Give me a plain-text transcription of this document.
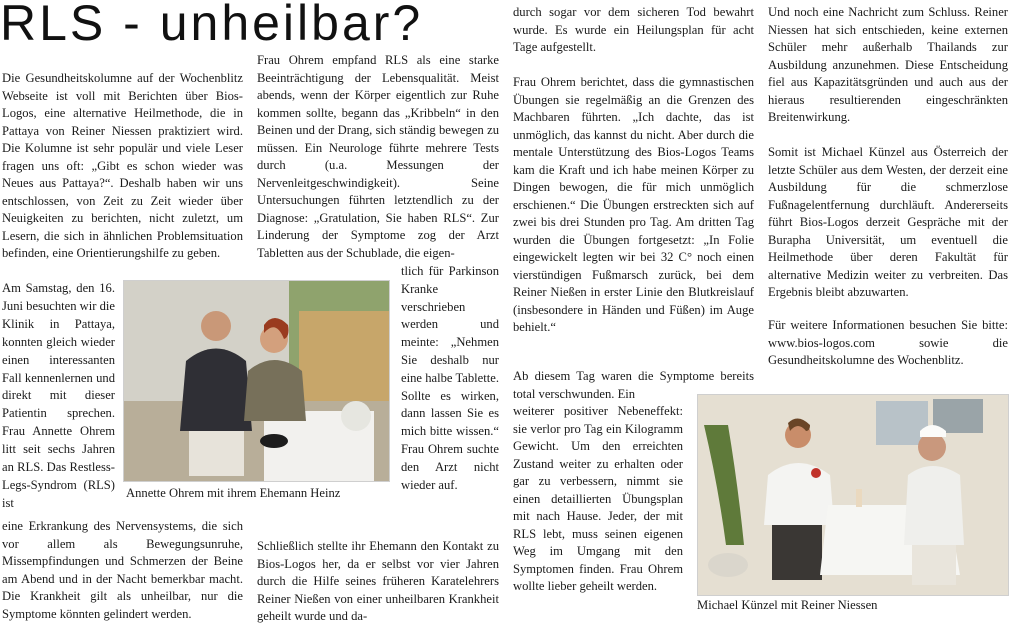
RLS - unheilbar?

Die Gesundheitskolumne auf der Wochenblitz Webseite ist voll mit Berichten über Bios-Logos, eine alternative Heilmethode, die in Pattaya von Reiner Niessen praktiziert wird. Die Kolumne ist sehr populär und viele Leser fragen uns oft: „Gibt es schon wieder was Neues aus Pattaya?“. Deshalb haben wir uns entschlossen, von Zeit zu Zeit wieder über Neuigkeiten zu berichten, nicht zuletzt, um Lesern, die sich in ähnlichen Problemsituation befinden, eine Orientierungshilfe zu geben.

Am Samstag, den 16. Juni besuchten wir die Klinik in Pattaya, konnten gleich wieder einen interessanten Fall kennenlernen und direkt mit dieser Patientin sprechen. Frau Annette Ohrem litt seit sechs Jahren an RLS. Das Restless-Legs-Syndrom (RLS) ist

eine Erkrankung des Nervensystems, die sich vor allem als Bewegungsunruhe, Missempfindungen und Schmerzen der Beine am Abend und in der Nacht bemerkbar macht. Die Krankheit gilt als unheilbar, nur die Symptome könnten gelindert werden.

Annette Ohrem mit ihrem Ehemann Heinz

Frau Ohrem empfand RLS als eine starke Beeinträchtigung der Lebensqualität. Meist abends, wenn der Körper eigentlich zur Ruhe kommen sollte, begann das „Kribbeln“ in den Beinen und der Drang, sich ständig bewegen zu müssen. Ein Neurologe führte mehrere Tests durch (u.a. Messungen der Nervenleitgeschwindigkeit). Seine Untersuchungen führten letztendlich zu der Diagnose: „Gratulation, Sie haben RLS“. Zur Linderung der Symptome zog der Arzt Tabletten aus der Schublade, die eigen-

tlich für Parkinson Kranke verschrieben werden und meinte: „Nehmen Sie deshalb nur eine halbe Tablette. Sollte es wirken, dann lassen Sie es mich bitte wissen.“ Frau Ohrem suchte den Arzt nicht wieder auf.

Schließlich stellte ihr Ehemann den Kontakt zu Bios-Logos her, da er selbst vor vier Jahren durch die Hilfe seines früheren Karatelehrers Reiner Nießen von einer unheilbaren Krankheit geheilt wurde und da-

durch sogar vor dem sicheren Tod bewahrt wurde. Es wurde ein Heilungsplan für acht Tage aufgestellt.

Frau Ohrem berichtet, dass die gymnastischen Übungen sie regelmäßig an die Grenzen des Machbaren führten. „Ich dachte, das ist unmöglich, das kannst du nicht. Aber durch die mentale Unterstützung des Bios-Logos Teams kam die Kraft und ich habe meinen Körper zu Dingen bewogen, die für mich unmöglich erschienen.“ Die Übungen erstreckten sich auf zwei bis drei Stunden pro Tag. Am dritten Tag wurden die Übungen fortgesetzt: „In Folie eingewickelt legten wir bei 32 C° noch einen vierstündigen Fußmarsch zurück, bei dem Reiner Nießen in erster Linie den Blutkreislauf (insbesondere in Händen und Füßen) im Auge behielt.“

Ab diesem Tag waren die Symptome bereits total verschwunden. Ein

weiterer positiver Nebeneffekt: sie verlor pro Tag ein Kilogramm Gewicht. Um den erreichten Zustand weiter zu erhalten oder gar zu verbessern, nimmt sie einen detaillierten Übungsplan mit nach Hause. Jeder, der mit RLS lebt, muss seinen eigenen Weg im Umgang mit den Symptomen finden. Frau Ohrem wollte lieber geheilt werden.

Und noch eine Nachricht zum Schluss. Reiner Niessen hat sich entschieden, keine externen Schüler mehr außerhalb Thailands zur Ausbildung anzunehmen. Diese Entscheidung fiel aus Kapazitätsgründen und auch aus der hieraus resultierenden eingeschränkten Breitenwirkung.

Somit ist Michael Künzel aus Österreich der letzte Schüler aus dem Westen, der derzeit eine Ausbildung für die schmerzlose Fußnagelentfernung durchläuft. Andererseits führt Bios-Logos derzeit Gespräche mit der Burapha Universität, um eventuell die Heilmethode über deren Fakultät für alternative Medizin weiter zu verbreiten. Das Ergebnis bleibt abzuwarten.

Für weitere Informationen besuchen Sie bitte: www.bios-logos.com sowie die Gesundheitskolumne des Wochenblitz.

Michael Künzel mit Reiner Niessen
